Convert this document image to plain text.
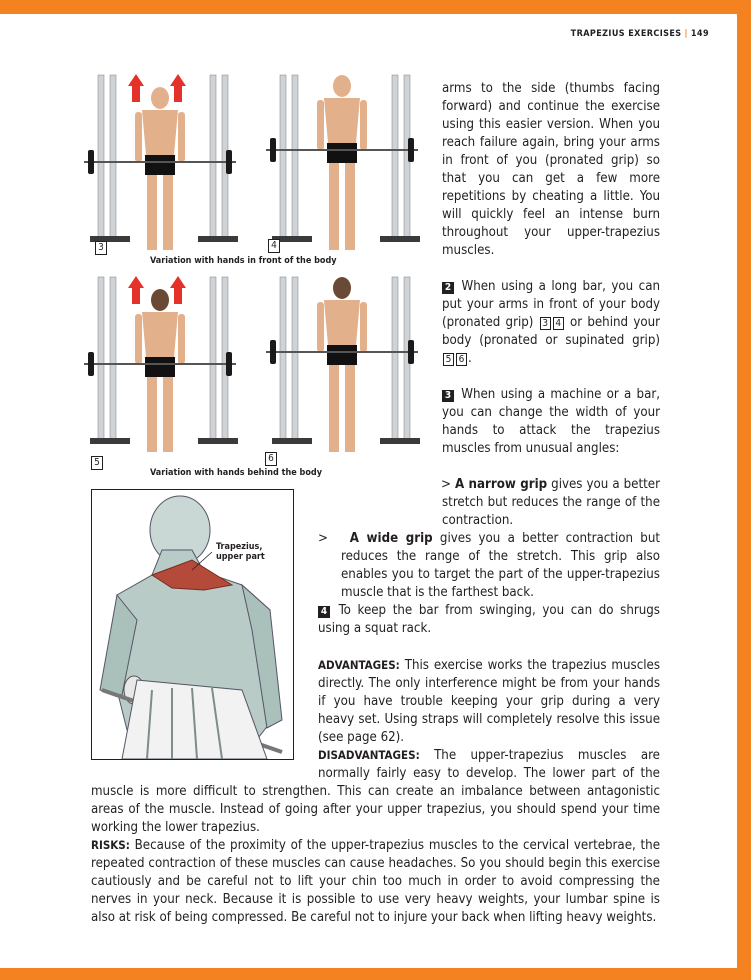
TRAPEZIUS EXERCISES | 149
3	4
5	6
Variation with hands in front of the body
Variation with hands behind the body
Trapezius,
upper part

arms to the side (thumbs facing forward) and continue the exercise using this easier version. When you reach failure again, bring your arms in front of you (pronated grip) so that you can get a few more repetitions by cheating a little. You will quickly feel an intense burn throughout your upper-trapezius muscles.

2 When using a long bar, you can put your arms in front of your body (pronated grip) 3 4 or behind your body (pronated or supinated grip) 5 6 .

3 When using a machine or a bar, you can change the width of your hands to attack the trapezius muscles from unusual angles:

> A narrow grip gives you a better stretch but reduces the range of the contraction.

> A wide grip gives you a better contraction but reduces the range of the stretch. This grip also enables you to target the part of the upper-trapezius muscle that is the farthest back.

4 To keep the bar from swinging, you can do shrugs using a squat rack.

ADVANTAGES: This exercise works the trapezius muscles directly. The only interference might be from your hands if you have trouble keeping your grip during a very heavy set. Using straps will completely resolve this issue (see page 62).

DISADVANTAGES: The upper-trapezius muscles are normally fairly easy to develop. The lower part of the muscle is more difficult to strengthen. This can create an imbalance between antagonistic areas of the muscle. Instead of going after your upper trapezius, you should spend your time working the lower trapezius.

RISKS: Because of the proximity of the upper-trapezius muscles to the cervical vertebrae, the repeated contraction of these muscles can cause headaches. So you should begin this exercise cautiously and be careful not to lift your chin too much in order to avoid compressing the nerves in your neck. Because it is possible to use very heavy weights, your lumbar spine is also at risk of being compressed. Be careful not to injure your back when lifting heavy weights.
